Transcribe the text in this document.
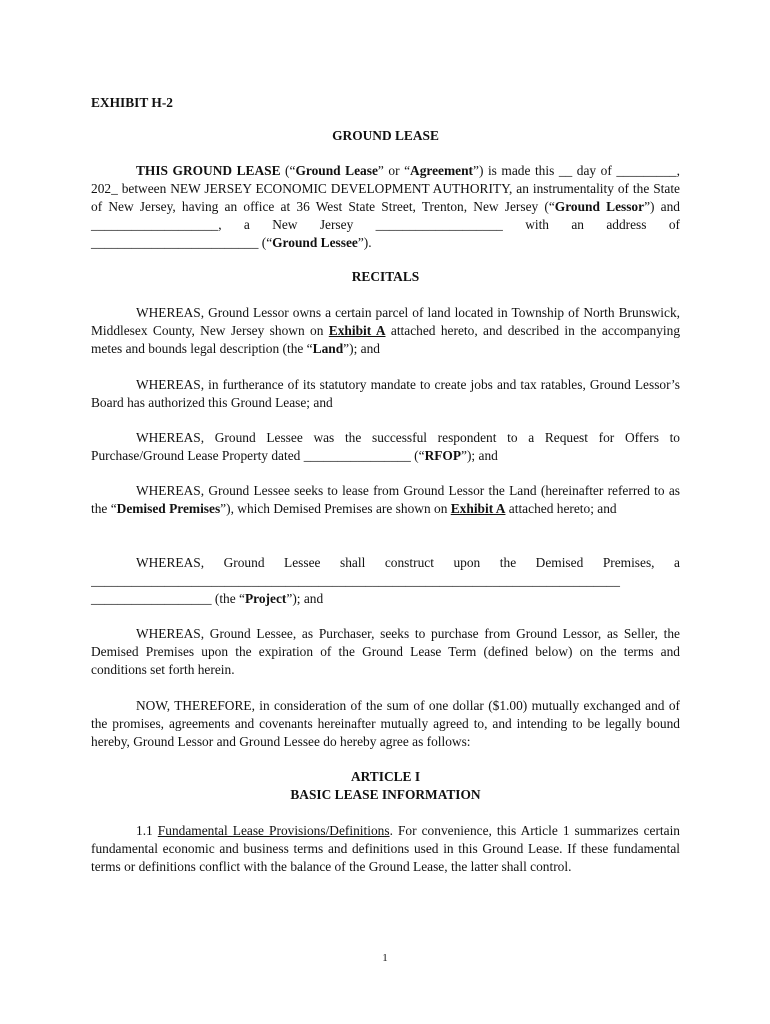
EXHIBIT H-2
GROUND LEASE
THIS GROUND LEASE (“Ground Lease” or “Agreement”) is made this __ day of _________, 202_ between NEW JERSEY ECONOMIC DEVELOPMENT AUTHORITY, an instrumentality of the State of New Jersey, having an office at 36 West State Street, Trenton, New Jersey (“Ground Lessor”) and ___________________, a New Jersey ___________________ with an address of _________________________ (“Ground Lessee”).
RECITALS
WHEREAS, Ground Lessor owns a certain parcel of land located in Township of North Brunswick, Middlesex County, New Jersey shown on Exhibit A attached hereto, and described in the accompanying metes and bounds legal description (the “Land”); and
WHEREAS, in furtherance of its statutory mandate to create jobs and tax ratables, Ground Lessor’s Board has authorized this Ground Lease; and
WHEREAS, Ground Lessee was the successful respondent to a Request for Offers to Purchase/Ground Lease Property dated ________________ (“RFOP”); and
WHEREAS, Ground Lessee seeks to lease from Ground Lessor the Land (hereinafter referred to as the “Demised Premises”), which Demised Premises are shown on Exhibit A attached hereto; and
WHEREAS, Ground Lessee shall construct upon the Demised Premises, a
_______________________________________________________________________________
__________________ (the “Project”); and
WHEREAS, Ground Lessee, as Purchaser, seeks to purchase from Ground Lessor, as Seller, the Demised Premises upon the expiration of the Ground Lease Term (defined below) on the terms and conditions set forth herein.
NOW, THEREFORE, in consideration of the sum of one dollar ($1.00) mutually exchanged and of the promises, agreements and covenants hereinafter mutually agreed to, and intending to be legally bound hereby, Ground Lessor and Ground Lessee do hereby agree as follows:
ARTICLE I
BASIC LEASE INFORMATION
1.1 Fundamental Lease Provisions/Definitions. For convenience, this Article 1 summarizes certain fundamental economic and business terms and definitions used in this Ground Lease. If these fundamental terms or definitions conflict with the balance of the Ground Lease, the latter shall control.
1
